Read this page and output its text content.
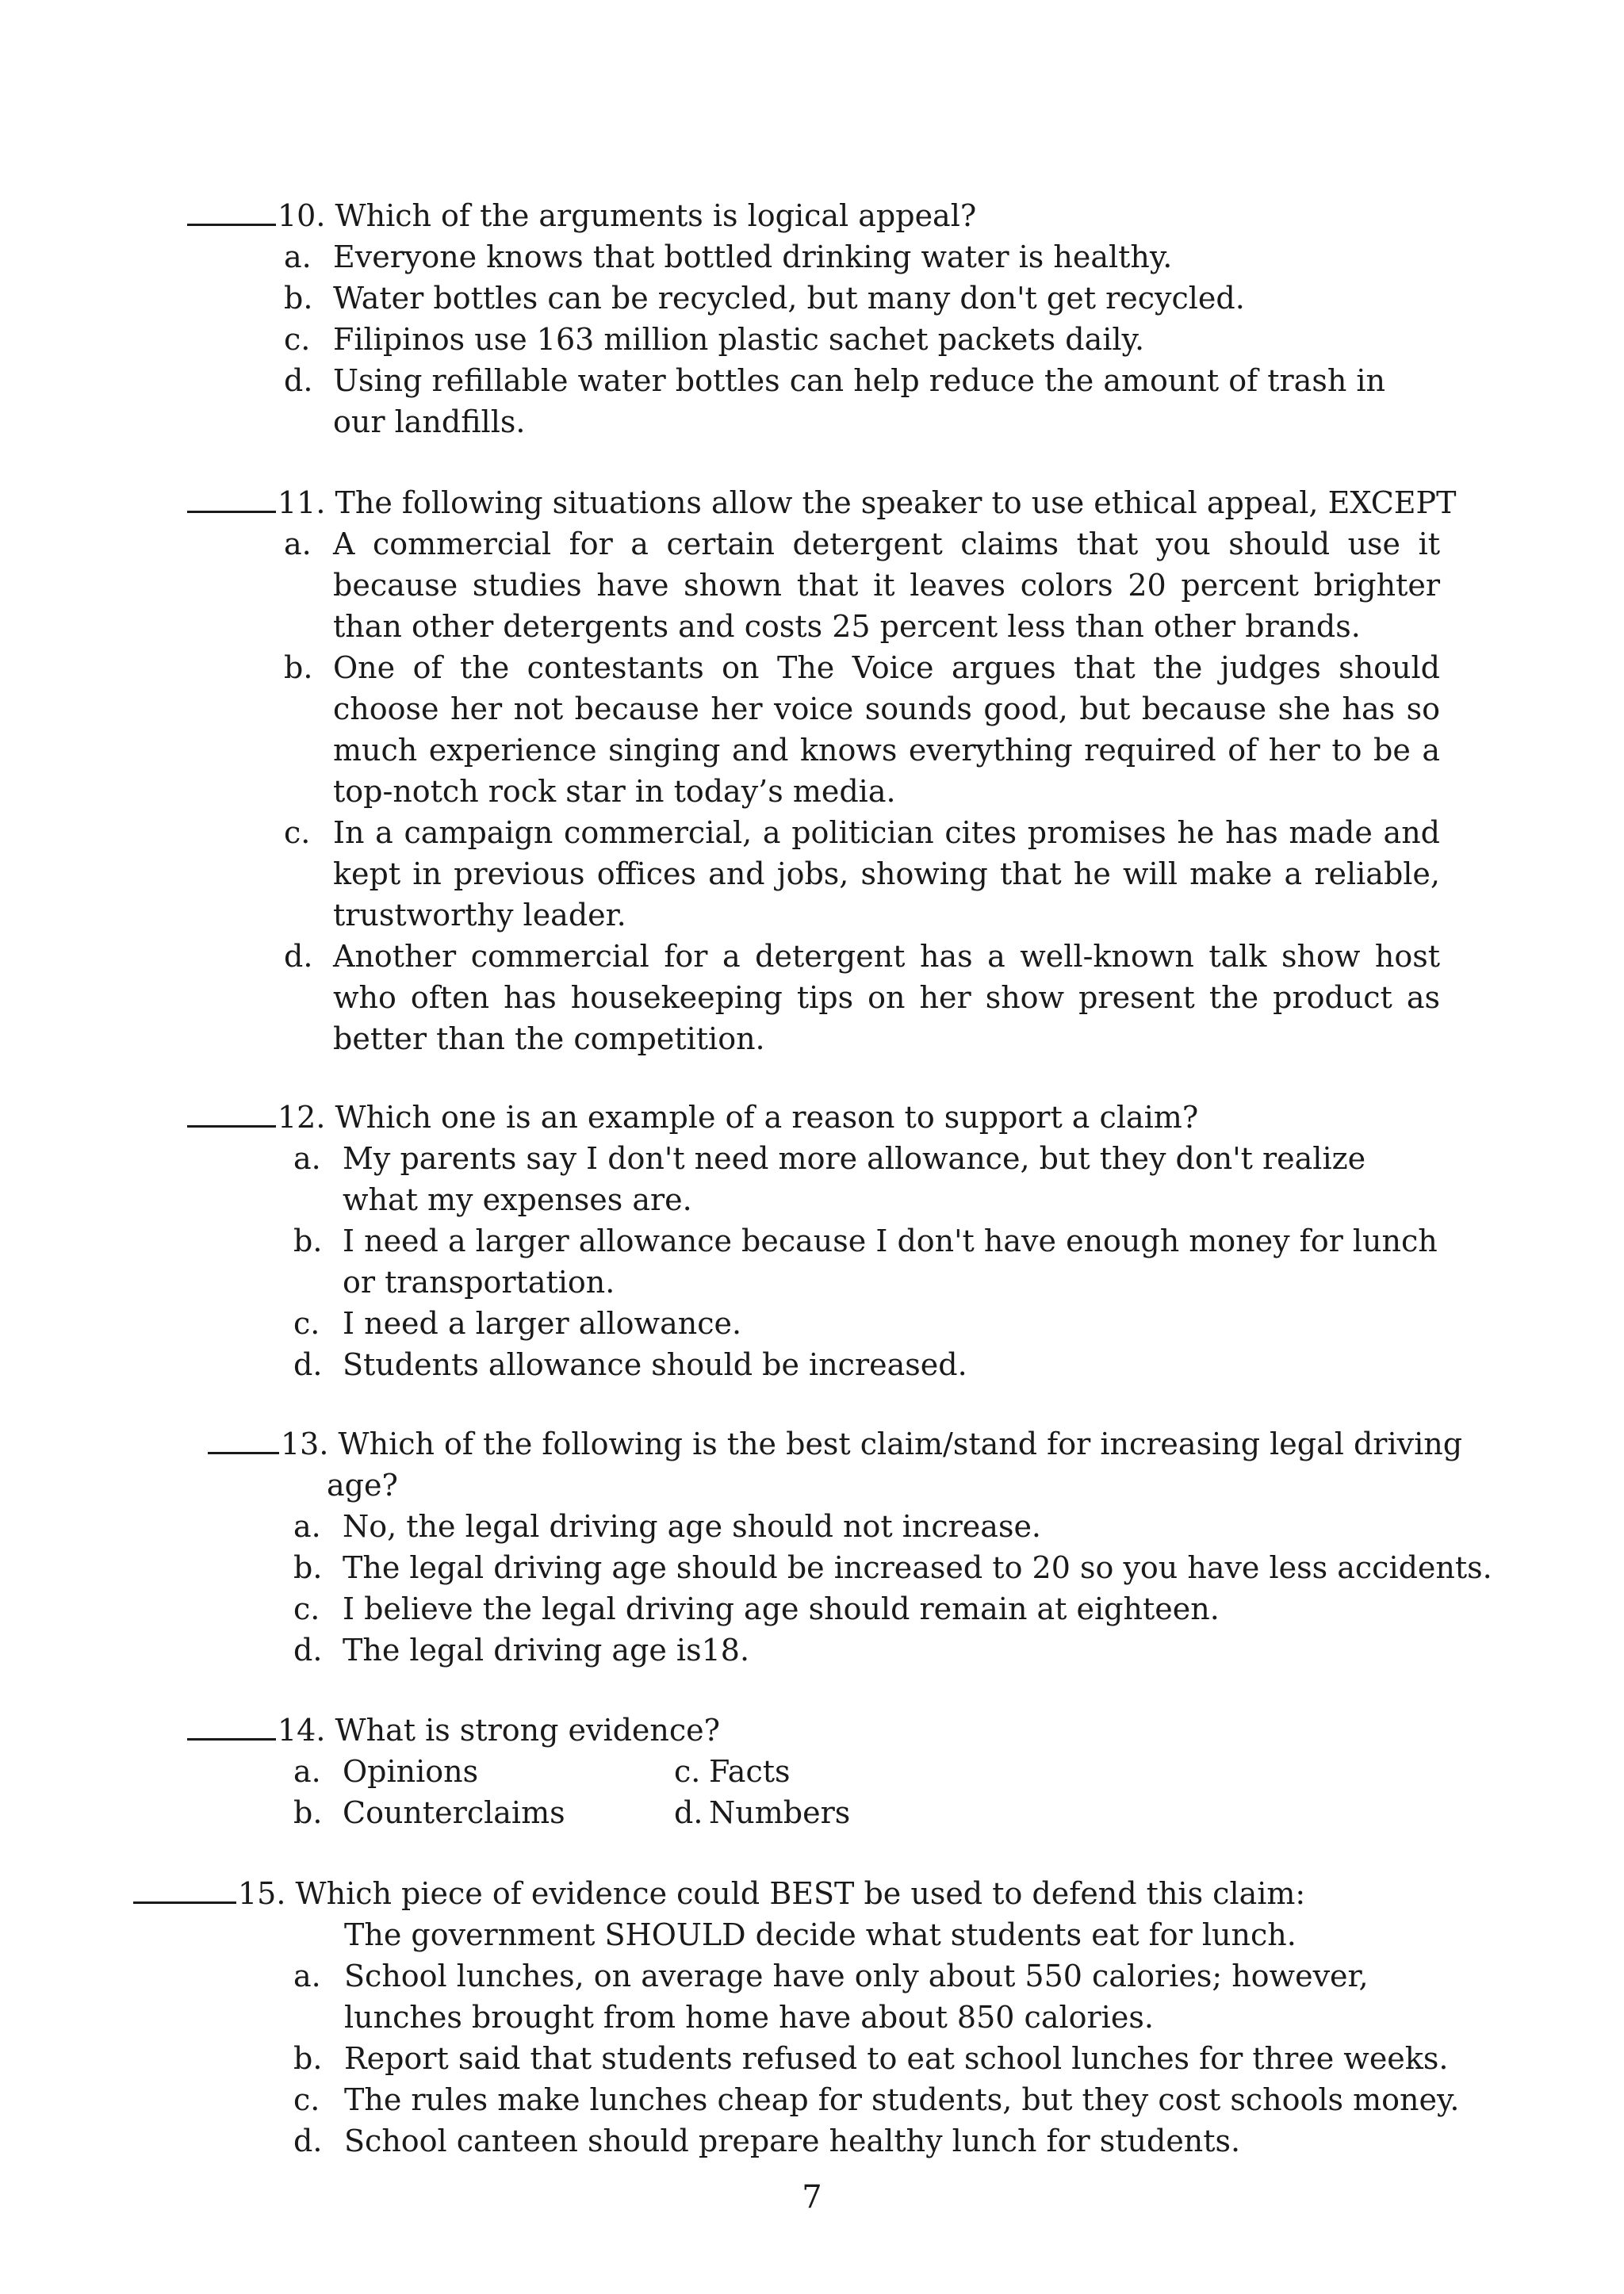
10. Which of the arguments is logical appeal?
a. Everyone knows that bottled drinking water is healthy.
b. Water bottles can be recycled, but many don't get recycled.
c. Filipinos use 163 million plastic sachet packets daily.
d. Using refillable water bottles can help reduce the amount of trash in our landfills.
11. The following situations allow the speaker to use ethical appeal, EXCEPT
a. A commercial for a certain detergent claims that you should use it because studies have shown that it leaves colors 20 percent brighter than other detergents and costs 25 percent less than other brands.
b. One of the contestants on The Voice argues that the judges should choose her not because her voice sounds good, but because she has so much experience singing and knows everything required of her to be a top-notch rock star in today’s media.
c. In a campaign commercial, a politician cites promises he has made and kept in previous offices and jobs, showing that he will make a reliable, trustworthy leader.
d. Another commercial for a detergent has a well-known talk show host who often has housekeeping tips on her show present the product as better than the competition.
12. Which one is an example of a reason to support a claim?
a. My parents say I don't need more allowance, but they don't realize what my expenses are.
b. I need a larger allowance because I don't have enough money for lunch or transportation.
c. I need a larger allowance.
d. Students allowance should be increased.
13. Which of the following is the best claim/stand for increasing legal driving
age?
a. No, the legal driving age should not increase.
b. The legal driving age should be increased to 20 so you have less accidents.
c. I believe the legal driving age should remain at eighteen.
d. The legal driving age is18.
14. What is strong evidence?
a. Opinions	c. Facts
b. Counterclaims	d. Numbers
15. Which piece of evidence could BEST be used to defend this claim:
The government SHOULD decide what students eat for lunch.
a. School lunches, on average have only about 550 calories; however, lunches brought from home have about 850 calories.
b. Report said that students refused to eat school lunches for three weeks.
c. The rules make lunches cheap for students, but they cost schools money.
d. School canteen should prepare healthy lunch for students.
7
